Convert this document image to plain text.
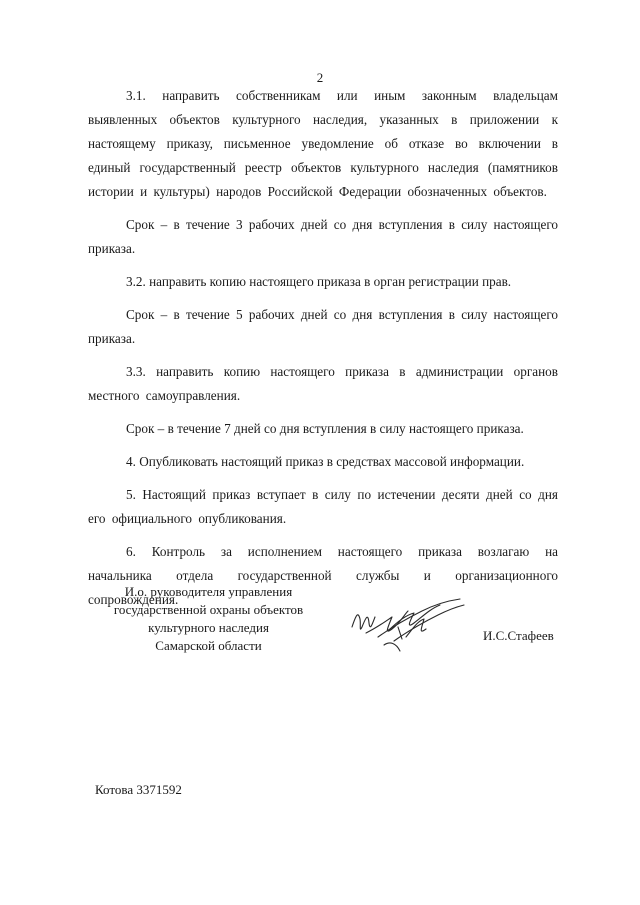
2

3.1. направить собственникам или иным законным владельцам выявленных объектов культурного наследия, указанных в приложении к настоящему приказу, письменное уведомление об отказе во включении в единый государственный реестр объектов культурного наследия (памятников истории и культуры) народов Российской Федерации обозначенных объектов.

Срок – в течение 3 рабочих дней со дня вступления в силу настоящего приказа.

3.2. направить копию настоящего приказа в орган регистрации прав.

Срок – в течение 5 рабочих дней со дня вступления в силу настоящего приказа.

3.3. направить копию настоящего приказа в администрации органов местного самоуправления.

Срок – в течение 7 дней со дня вступления в силу настоящего приказа.

4. Опубликовать настоящий приказ в средствах массовой информации.

5. Настоящий приказ вступает в силу по истечении десяти дней со дня его официального опубликования.

6. Контроль за исполнением настоящего приказа возлагаю на начальника отдела государственной службы и организационного сопровождения.

И.о. руководителя управления
государственной охраны объектов
культурного наследия
Самарской области
И.С.Стафеев
Котова 3371592
